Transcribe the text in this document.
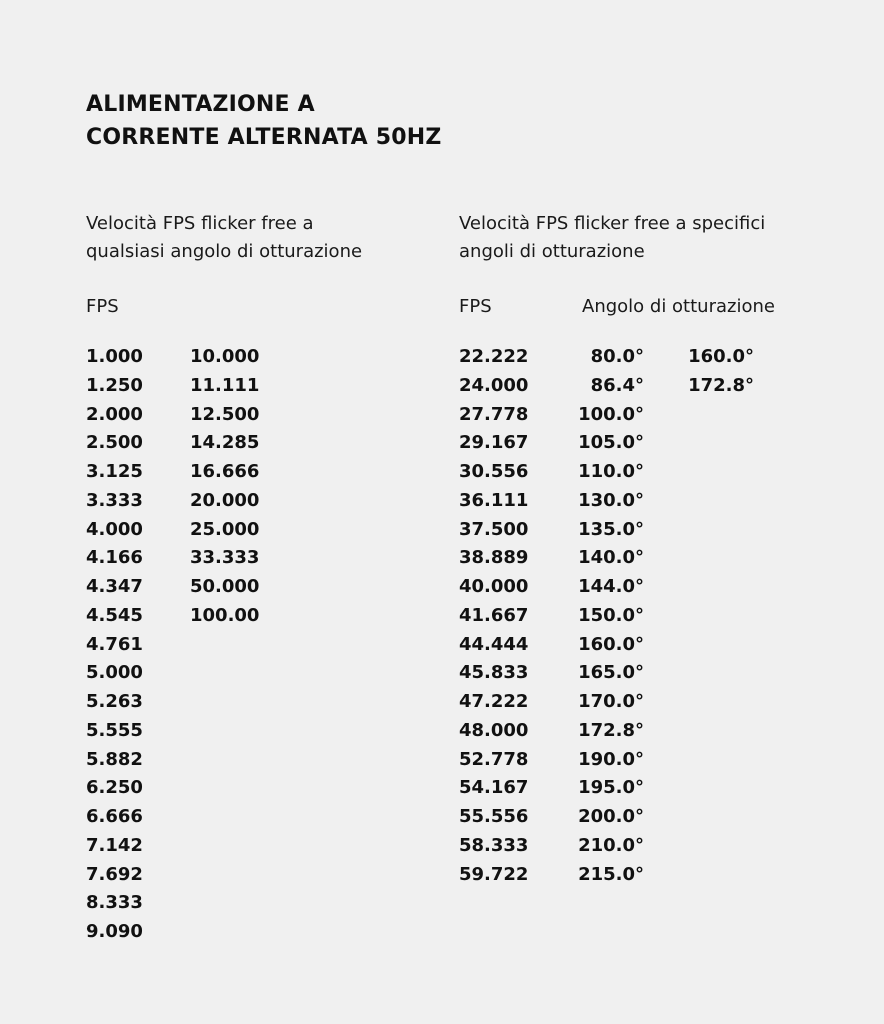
ALIMENTAZIONE A
CORRENTE ALTERNATA 50HZ
Velocità FPS flicker free a
qualsiasi angolo di otturazione
Velocità FPS flicker free a specifici
angoli di otturazione
FPS	FPS	Angolo di otturazione
1.000
1.250
2.000
2.500
3.125
3.333
4.000
4.166
4.347
4.545
4.761
5.000
5.263
5.555
5.882
6.250
6.666
7.142
7.692
8.333
9.090
10.000
11.111
12.500
14.285
16.666
20.000
25.000
33.333
50.000
100.00
22.222
24.000
27.778
29.167
30.556
36.111
37.500
38.889
40.000
41.667
44.444
45.833
47.222
48.000
52.778
54.167
55.556
58.333
59.722
80.0°
86.4°
100.0°
105.0°
110.0°
130.0°
135.0°
140.0°
144.0°
150.0°
160.0°
165.0°
170.0°
172.8°
190.0°
195.0°
200.0°
210.0°
215.0°
160.0°
172.8°
